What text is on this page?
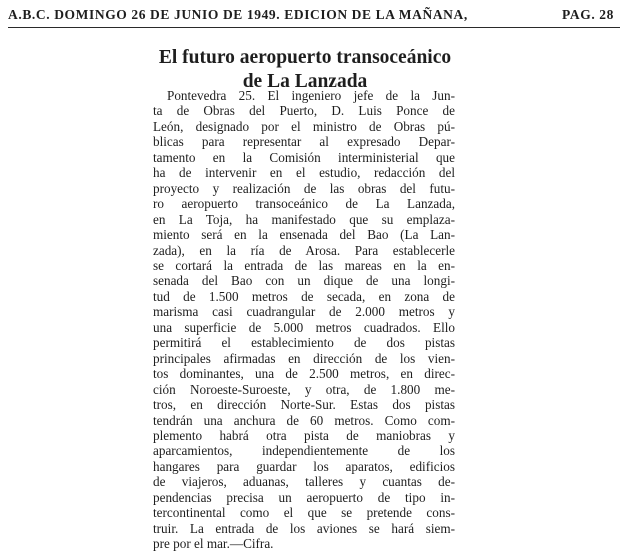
A.B.C. DOMINGO 26 DE JUNIO DE 1949. EDICION DE LA MAÑANA,	PAG. 28
El futuro aeropuerto transoceánico
de La Lanzada
Pontevedra 25. El ingeniero jefe de la Jun-
ta de Obras del Puerto, D. Luis Ponce de
León, designado por el ministro de Obras pú-
blicas para representar al expresado Depar-
tamento en la Comisión interministerial que
ha de intervenir en el estudio, redacción del
proyecto y realización de las obras del futu-
ro aeropuerto transoceánico de La Lanzada,
en La Toja, ha manifestado que su emplaza-
miento será en la ensenada del Bao (La Lan-
zada), en la ría de Arosa. Para establecerle
se cortará la entrada de las mareas en la en-
senada del Bao con un dique de una longi-
tud de 1.500 metros de secada, en zona de
marisma casi cuadrangular de 2.000 metros y
una superficie de 5.000 metros cuadrados. Ello
permitirá el establecimiento de dos pistas
principales afirmadas en dirección de los vien-
tos dominantes, una de 2.500 metros, en direc-
ción Noroeste-Suroeste, y otra, de 1.800 me-
tros, en dirección Norte-Sur. Estas dos pistas
tendrán una anchura de 60 metros. Como com-
plemento habrá otra pista de maniobras y
aparcamientos, independientemente de los
hangares para guardar los aparatos, edificios
de viajeros, aduanas, talleres y cuantas de-
pendencias precisa un aeropuerto de tipo in-
tercontinental como el que se pretende cons-
truir. La entrada de los aviones se hará siem-
pre por el mar.—Cifra.
